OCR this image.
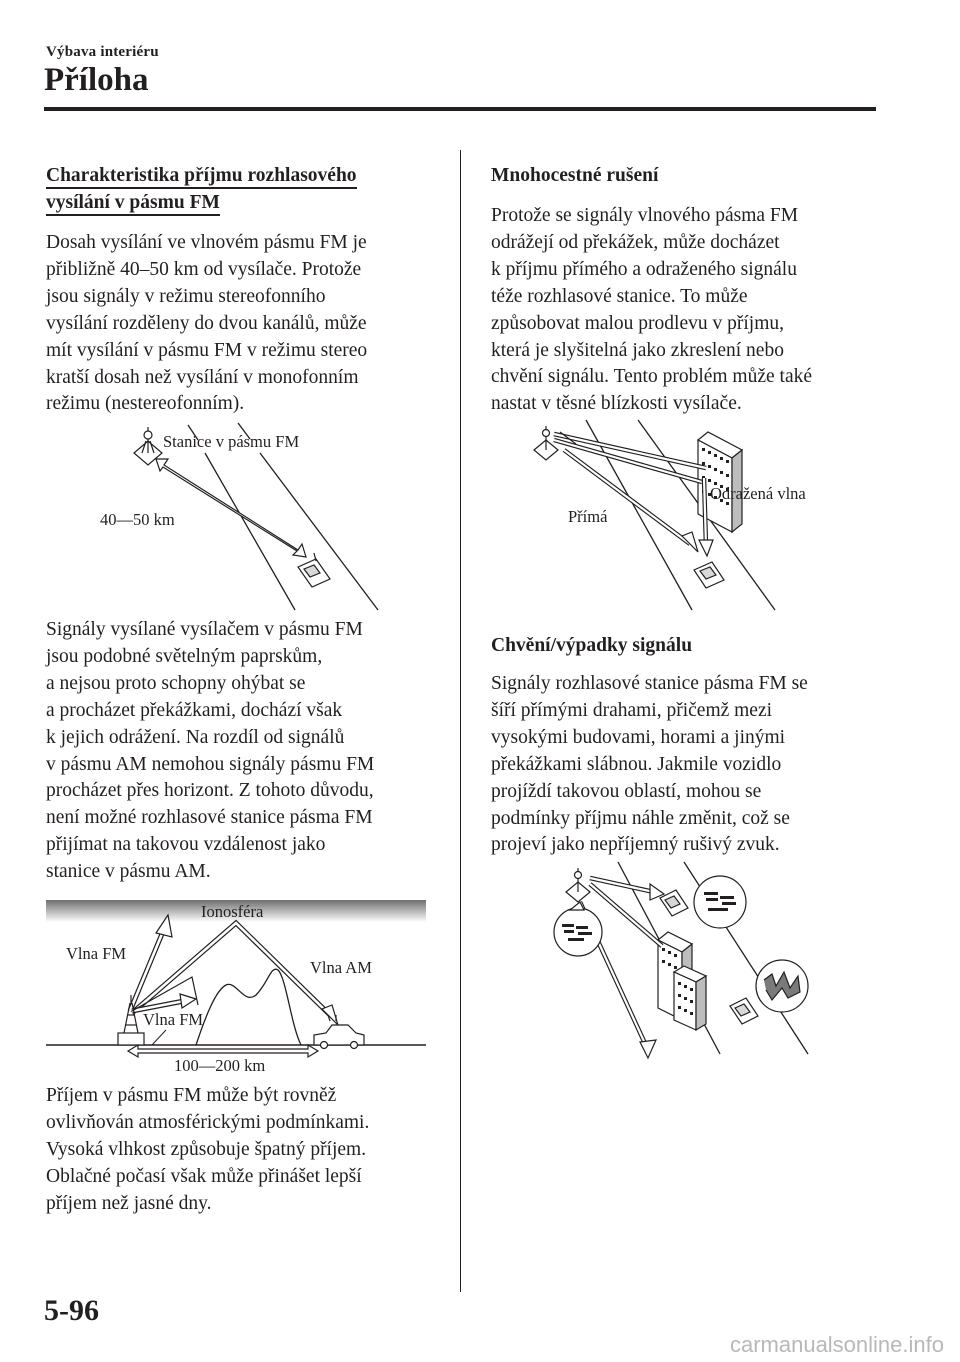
Výbava interiéru
Příloha
Charakteristika příjmu rozhlasového
vysílání v pásmu FM

Dosah vysílání ve vlnovém pásmu FM je
přibližně 40–50 km od vysílače. Protože
jsou signály v režimu stereofonního
vysílání rozděleny do dvou kanálů, může
mít vysílání v pásmu FM v režimu stereo
kratší dosah než vysílání v monofonním
režimu (nestereofonním).

Stanice v pásmu FM
40—50 km

Signály vysílané vysílačem v pásmu FM
jsou podobné světelným paprskům,
a nejsou proto schopny ohýbat se
a procházet překážkami, dochází však
k jejich odrážení. Na rozdíl od signálů
v pásmu AM nemohou signály pásmu FM
procházet přes horizont. Z tohoto důvodu,
není možné rozhlasové stanice pásma FM
přijímat na takovou vzdálenost jako
stanice v pásmu AM.

Ionosféra
Vlna FM
Vlna AM
Vlna FM
100—200 km

Příjem v pásmu FM může být rovněž
ovlivňován atmosférickými podmínkami.
Vysoká vlhkost způsobuje špatný příjem.
Oblačné počasí však může přinášet lepší
příjem než jasné dny.

Mnohocestné rušení

Protože se signály vlnového pásma FM
odrážejí od překážek, může docházet
k příjmu přímého a odraženého signálu
téže rozhlasové stanice. To může
způsobovat malou prodlevu v příjmu,
která je slyšitelná jako zkreslení nebo
chvění signálu. Tento problém může také
nastat v těsné blízkosti vysílače.

Odražená vlna
Přímá
Chvění/výpadky signálu

Signály rozhlasové stanice pásma FM se
šíří přímými drahami, přičemž mezi
vysokými budovami, horami a jinými
překážkami slábnou. Jakmile vozidlo
projíždí takovou oblastí, mohou se
podmínky příjmu náhle změnit, což se
projeví jako nepříjemný rušivý zvuk.

5-96
carmanualsonline.info
